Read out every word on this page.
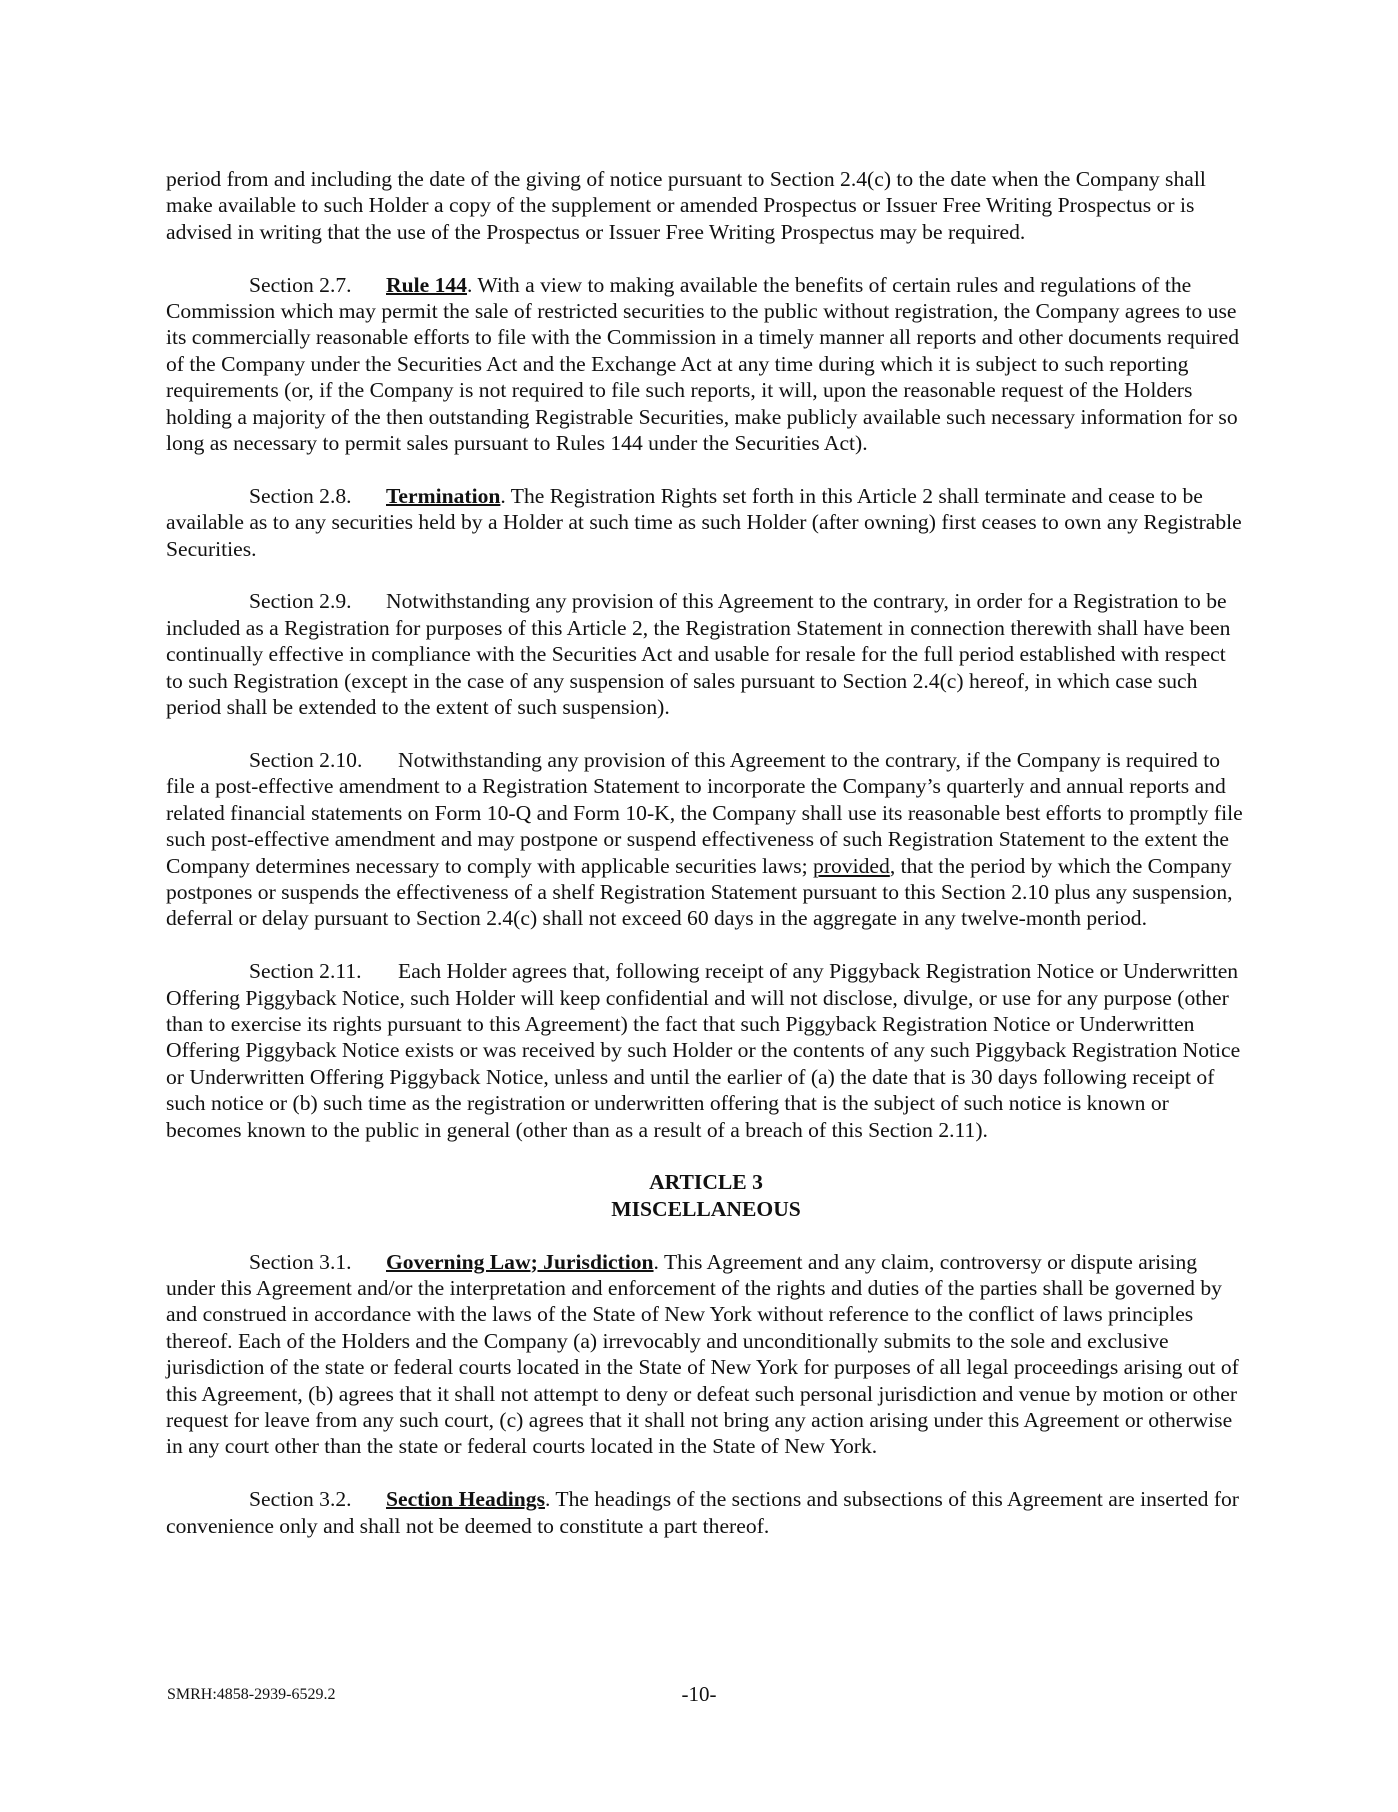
period from and including the date of the giving of notice pursuant to Section 2.4(c) to the date when the Company shall make available to such Holder a copy of the supplement or amended Prospectus or Issuer Free Writing Prospectus or is advised in writing that the use of the Prospectus or Issuer Free Writing Prospectus may be required.

Section 2.7. Rule 144. With a view to making available the benefits of certain rules and regulations of the Commission which may permit the sale of restricted securities to the public without registration, the Company agrees to use its commercially reasonable efforts to file with the Commission in a timely manner all reports and other documents required of the Company under the Securities Act and the Exchange Act at any time during which it is subject to such reporting requirements (or, if the Company is not required to file such reports, it will, upon the reasonable request of the Holders holding a majority of the then outstanding Registrable Securities, make publicly available such necessary information for so long as necessary to permit sales pursuant to Rules 144 under the Securities Act).

Section 2.8. Termination. The Registration Rights set forth in this Article 2 shall terminate and cease to be available as to any securities held by a Holder at such time as such Holder (after owning) first ceases to own any Registrable Securities.

Section 2.9. Notwithstanding any provision of this Agreement to the contrary, in order for a Registration to be included as a Registration for purposes of this Article 2, the Registration Statement in connection therewith shall have been continually effective in compliance with the Securities Act and usable for resale for the full period established with respect to such Registration (except in the case of any suspension of sales pursuant to Section 2.4(c) hereof, in which case such period shall be extended to the extent of such suspension).

Section 2.10. Notwithstanding any provision of this Agreement to the contrary, if the Company is required to file a post-effective amendment to a Registration Statement to incorporate the Company’s quarterly and annual reports and related financial statements on Form 10-Q and Form 10-K, the Company shall use its reasonable best efforts to promptly file such post-effective amendment and may postpone or suspend effectiveness of such Registration Statement to the extent the Company determines necessary to comply with applicable securities laws; provided, that the period by which the Company postpones or suspends the effectiveness of a shelf Registration Statement pursuant to this Section 2.10 plus any suspension, deferral or delay pursuant to Section 2.4(c) shall not exceed 60 days in the aggregate in any twelve-month period.

Section 2.11. Each Holder agrees that, following receipt of any Piggyback Registration Notice or Underwritten Offering Piggyback Notice, such Holder will keep confidential and will not disclose, divulge, or use for any purpose (other than to exercise its rights pursuant to this Agreement) the fact that such Piggyback Registration Notice or Underwritten Offering Piggyback Notice exists or was received by such Holder or the contents of any such Piggyback Registration Notice or Underwritten Offering Piggyback Notice, unless and until the earlier of (a) the date that is 30 days following receipt of such notice or (b) such time as the registration or underwritten offering that is the subject of such notice is known or becomes known to the public in general (other than as a result of a breach of this Section 2.11).

ARTICLE 3
MISCELLANEOUS

Section 3.1. Governing Law; Jurisdiction. This Agreement and any claim, controversy or dispute arising under this Agreement and/or the interpretation and enforcement of the rights and duties of the parties shall be governed by and construed in accordance with the laws of the State of New York without reference to the conflict of laws principles thereof. Each of the Holders and the Company (a) irrevocably and unconditionally submits to the sole and exclusive jurisdiction of the state or federal courts located in the State of New York for purposes of all legal proceedings arising out of this Agreement, (b) agrees that it shall not attempt to deny or defeat such personal jurisdiction and venue by motion or other request for leave from any such court, (c) agrees that it shall not bring any action arising under this Agreement or otherwise in any court other than the state or federal courts located in the State of New York.

Section 3.2. Section Headings. The headings of the sections and subsections of this Agreement are inserted for convenience only and shall not be deemed to constitute a part thereof.

SMRH:4858-2939-6529.2	-10-
